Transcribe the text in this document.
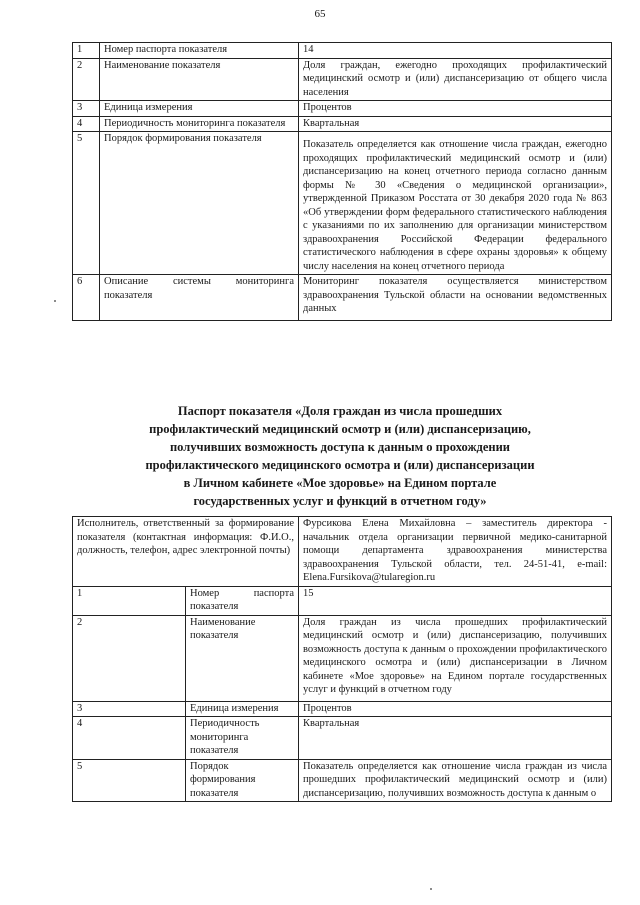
65
1	Номер паспорта показателя	14
2	Наименование показателя	Доля граждан, ежегодно проходящих профилактический медицинский осмотр и (или) диспансеризацию от общего числа населения
3	Единица измерения	Процентов
4	Периодичность мониторинга показателя	Квартальная
5	Порядок формирования показателя	Показатель определяется как отношение числа граждан, ежегодно проходящих профилактический медицинский осмотр и (или) диспансеризацию на конец отчетного периода согласно данным формы № 30 «Сведения о медицинской организации», утвержденной Приказом Росстата от 30 декабря 2020 года № 863 «Об утверждении форм федерального статистического наблюдения с указаниями по их заполнению для организации министерством здравоохранения Российской Федерации федерального статистического наблюдения в сфере охраны здоровья» к общему числу населения на конец отчетного периода
6	Описание системы мониторинга показателя	Мониторинг показателя осуществляется министерством здравоохранения Тульской области на основании ведомственных данных
Паспорт показателя «Доля граждан из числа прошедших
профилактический медицинский осмотр и (или) диспансеризацию,
получивших возможность доступа к данным о прохождении
профилактического медицинского осмотра и (или) диспансеризации
в Личном кабинете «Мое здоровье» на Едином портале
государственных услуг и функций в отчетном году»
Исполнитель, ответственный за формирование показателя (контактная информация: Ф.И.О., должность, телефон, адрес электронной почты)		Фурсикова Елена Михайловна – заместитель директора - начальник отдела организации первичной медико-санитарной помощи департамента здравоохранения министерства здравоохранения Тульской области, тел. 24-51-41, e-mail: Elena.Fursikova@tularegion.ru
1	Номер паспорта показателя	15
2	Наименование показателя	Доля граждан из числа прошедших профилактический медицинский осмотр и (или) диспансеризацию, получивших возможность доступа к данным о прохождении профилактического медицинского осмотра и (или) диспансеризации в Личном кабинете «Мое здоровье» на Едином портале государственных услуг и функций в отчетном году
3	Единица измерения	Процентов
4	Периодичность мониторинга показателя	Квартальная
5	Порядок формирования показателя	Показатель определяется как отношение числа граждан из числа прошедших профилактический медицинский осмотр и (или) диспансеризацию, получивших возможность доступа к данным о
